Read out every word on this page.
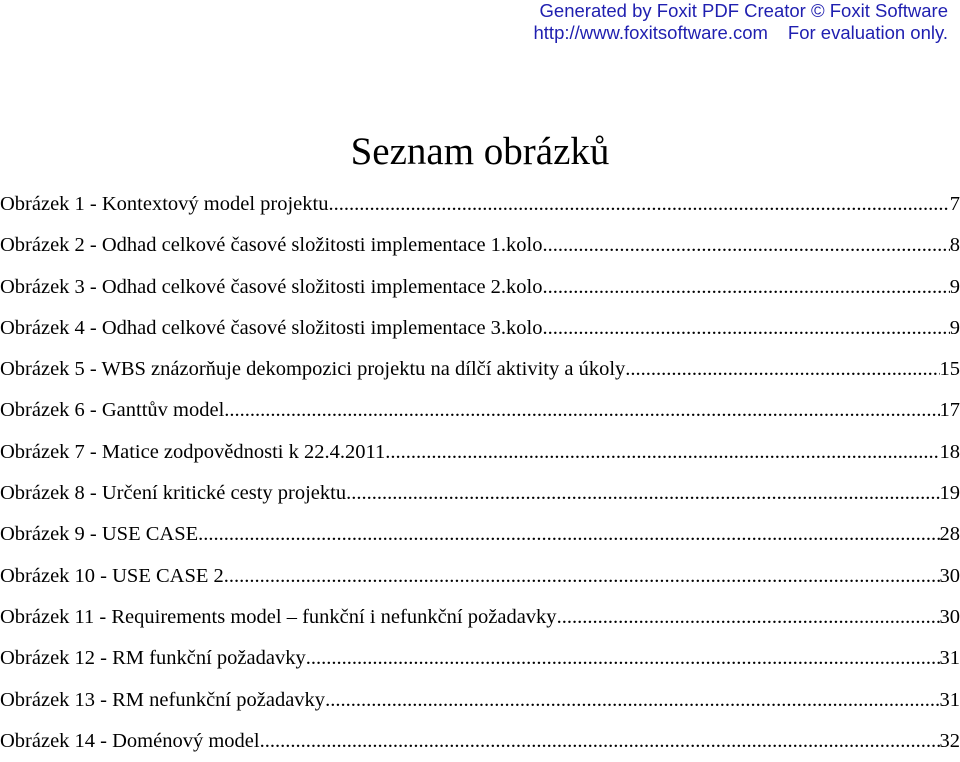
Generated by Foxit PDF Creator © Foxit Software
http://www.foxitsoftware.com For evaluation only.
Seznam obrázků
Obrázek 1 - Kontextový model projektu .....	7
Obrázek 2 - Odhad celkové časové složitosti implementace 1.kolo .....	8
Obrázek 3 - Odhad celkové časové složitosti implementace 2.kolo .....	9
Obrázek 4 - Odhad celkové časové složitosti implementace 3.kolo .....	9
Obrázek 5 - WBS znázorňuje dekompozici projektu na dílčí aktivity a úkoly .....	15
Obrázek 6 - Ganttův model .....	17
Obrázek 7 - Matice zodpovědnosti k 22.4.2011 .....	18
Obrázek 8 - Určení kritické cesty projektu .....	19
Obrázek 9 - USE CASE .....	28
Obrázek 10 - USE CASE 2 .....	30
Obrázek 11 - Requirements model – funkční i nefunkční požadavky .....	30
Obrázek 12 - RM funkční požadavky .....	31
Obrázek 13 - RM nefunkční požadavky .....	31
Obrázek 14 - Doménový model .....	32
